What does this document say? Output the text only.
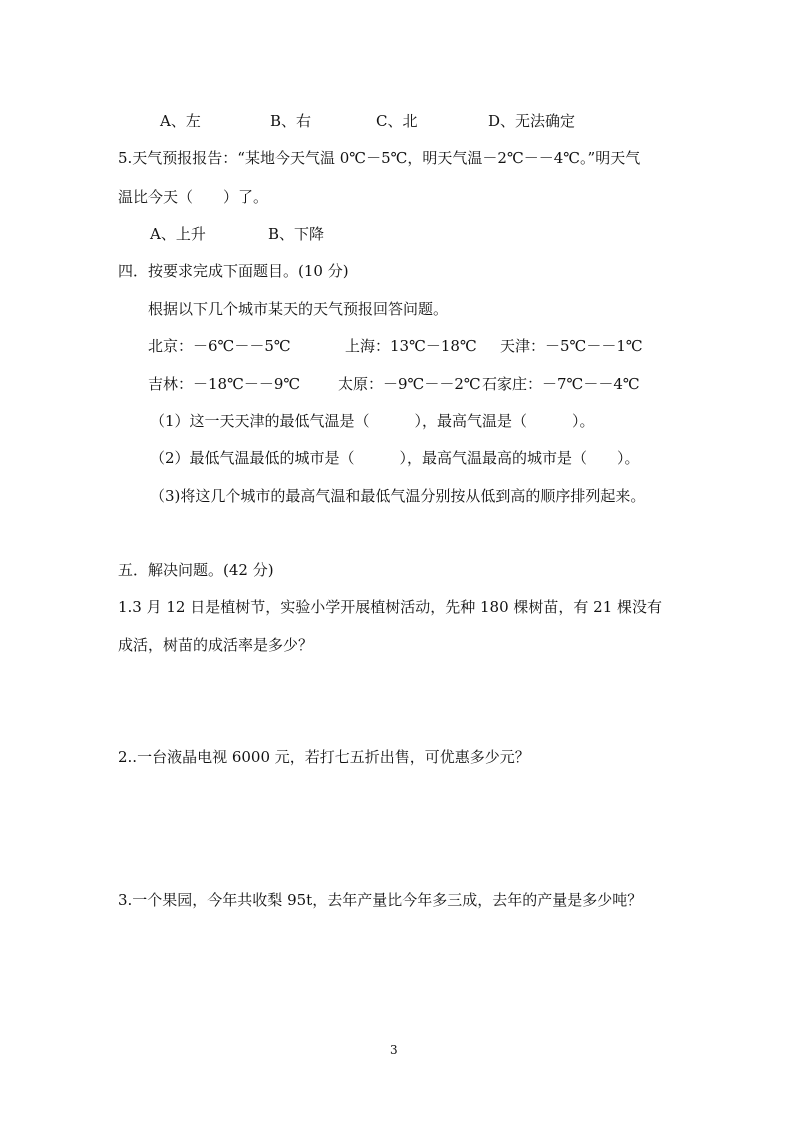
A、左	B、右	C、北	D、无法确定
5.天气预报报告：“某地今天气温 0℃－5℃，明天气温－2℃－－4℃。”明天气
温比今天（　　）了。
A、上升	B、下降
四．按要求完成下面题目。(10 分)
根据以下几个城市某天的天气预报回答问题。
北京：－6℃－－5℃	上海：13℃－18℃ 天津：－5℃－－1℃
吉林：－18℃－－9℃	太原：－9℃－－2℃ 石家庄：－7℃－－4℃
（1）这一天天津的最低气温是（　　　），最高气温是（　　　）。
（2）最低气温最低的城市是（　　　），最高气温最高的城市是（　　）。
（3)将这几个城市的最高气温和最低气温分别按从低到高的顺序排列起来。
五．解决问题。(42 分)
1.3 月 12 日是植树节，实验小学开展植树活动，先种 180 棵树苗，有 21 棵没有
成活，树苗的成活率是多少？
2..一台液晶电视 6000 元，若打七五折出售，可优惠多少元？
3.一个果园，今年共收梨 95t，去年产量比今年多三成，去年的产量是多少吨？
3
